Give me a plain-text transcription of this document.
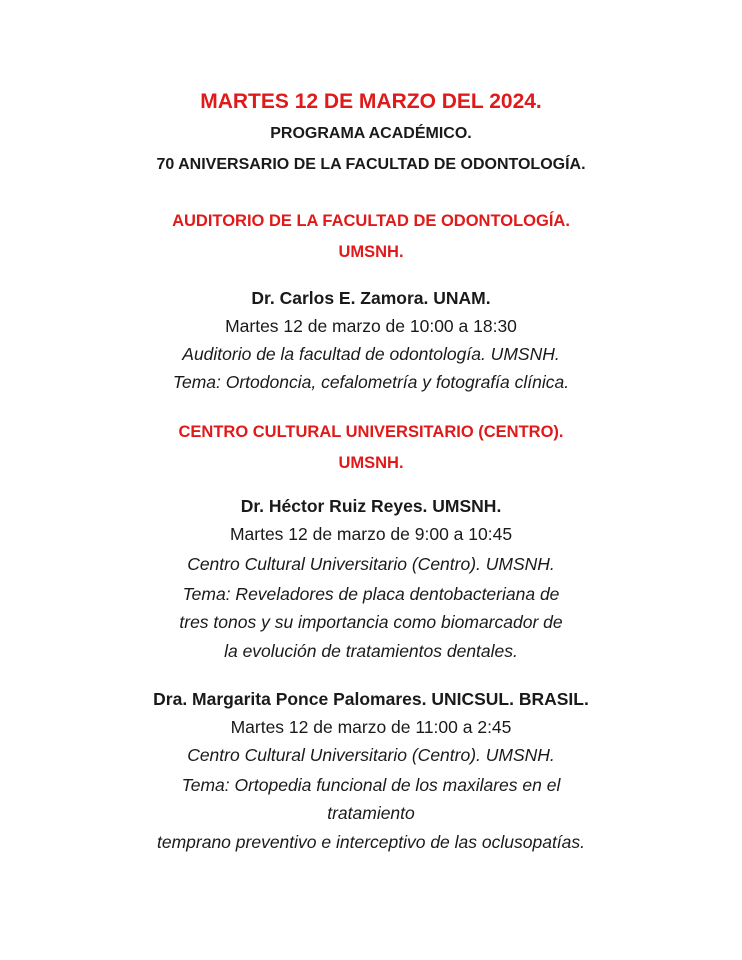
MARTES 12 DE MARZO DEL 2024.
PROGRAMA ACADÉMICO.
70 ANIVERSARIO DE LA FACULTAD DE ODONTOLOGÍA.
AUDITORIO DE LA FACULTAD DE ODONTOLOGÍA.
UMSNH.
Dr. Carlos E. Zamora. UNAM.
Martes 12 de marzo de 10:00 a 18:30
Auditorio de la facultad de odontología. UMSNH.
Tema: Ortodoncia, cefalometría y fotografía clínica.
CENTRO CULTURAL UNIVERSITARIO (CENTRO).
UMSNH.
Dr. Héctor Ruiz Reyes. UMSNH.
Martes 12 de marzo de 9:00 a 10:45
Centro Cultural Universitario (Centro). UMSNH.
Tema: Reveladores de placa dentobacteriana de
tres tonos y su importancia como biomarcador de
la evolución de tratamientos dentales.
Dra. Margarita Ponce Palomares. UNICSUL. BRASIL.
Martes 12 de marzo de 11:00 a 2:45
Centro Cultural Universitario (Centro). UMSNH.
Tema: Ortopedia funcional de los maxilares en el
tratamiento
temprano preventivo e interceptivo de las oclusopatías.
